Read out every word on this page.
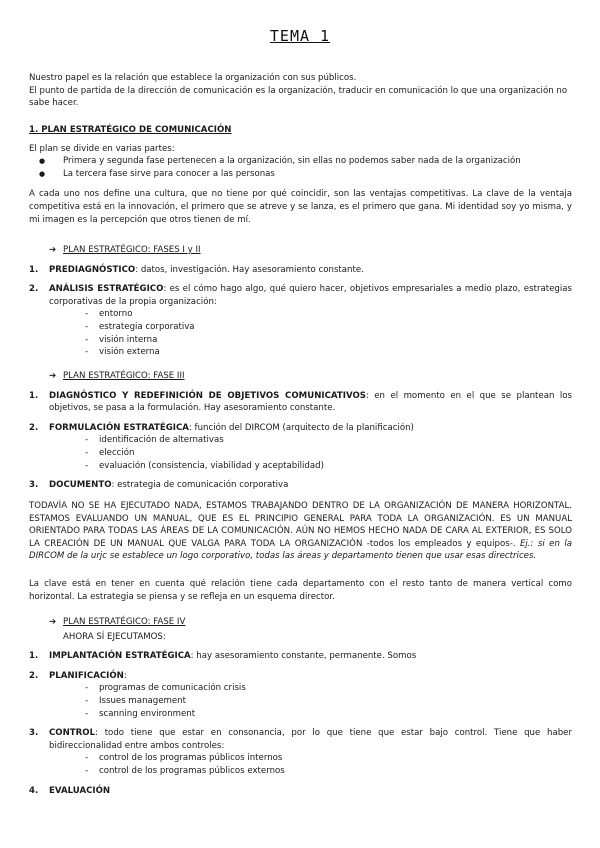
TEMA 1

Nuestro papel es la relación que establece la organización con sus públicos.

El punto de partida de la dirección de comunicación es la organización, traducir en comunicación lo que una organización no sabe hacer.

1. PLAN ESTRATÉGICO DE COMUNICACIÓN

El plan se divide en varias partes:

● Primera y segunda fase pertenecen a la organización, sin ellas no podemos saber nada de la organización
● La tercera fase sirve para conocer a las personas

A cada uno nos define una cultura, que no tiene por qué coincidir, son las ventajas competitivas. La clave de la ventaja competitiva está en la innovación, el primero que se atreve y se lanza, es el primero que gana. Mi identidad soy yo misma, y mi imagen es la percepción que otros tienen de mí.

➔ PLAN ESTRATÉGICO: FASES I y II

1. PREDIAGNÓSTICO: datos, investigación. Hay asesoramiento constante.
2. ANÁLISIS ESTRATÉGICO: es el cómo hago algo, qué quiero hacer, objetivos empresariales a medio plazo, estrategias corporativas de la propia organización:
- entorno
- estrategia corporativa
- visión interna
- visión externa

➔ PLAN ESTRATÉGICO: FASE III

1. DIAGNÓSTICO Y REDEFINICIÓN DE OBJETIVOS COMUNICATIVOS: en el momento en el que se plantean los objetivos, se pasa a la formulación. Hay asesoramiento constante.
2. FORMULACIÓN ESTRATÉGICA: función del DIRCOM (arquitecto de la planificación)
- identificación de alternativas
- elección
- evaluación (consistencia, viabilidad y aceptabilidad)
3. DOCUMENTO: estrategia de comunicación corporativa

TODAVÍA NO SE HA EJECUTADO NADA, ESTAMOS TRABAJANDO DENTRO DE LA ORGANIZACIÓN DE MANERA HORIZONTAL. ESTAMOS EVALUANDO UN MANUAL, QUE ES EL PRINCIPIO GENERAL PARA TODA LA ORGANIZACIÓN. ES UN MANUAL ORIENTADO PARA TODAS LAS ÁREAS DE LA COMUNICACIÓN. AÚN NO HEMOS HECHO NADA DE CARA AL EXTERIOR, ES SOLO LA CREACIÓN DE UN MANUAL QUE VALGA PARA TODA LA ORGANIZACIÓN -todos los empleados y equipos-. Ej.: si en la DIRCOM de la urjc se establece un logo corporativo, todas las áreas y departamento tienen que usar esas directrices.

La clave está en tener en cuenta qué relación tiene cada departamento con el resto tanto de manera vertical como horizontal. La estrategia se piensa y se refleja en un esquema director.

➔ PLAN ESTRATÉGICO: FASE IV

AHORA SÍ EJECUTAMOS:

1. IMPLANTACIÓN ESTRATÉGICA: hay asesoramiento constante, permanente. Somos
2. PLANIFICACIÓN:
- programas de comunicación crisis
- Issues management
- scanning environment
3. CONTROL: todo tiene que estar en consonancia, por lo que tiene que estar bajo control. Tiene que haber bidireccionalidad entre ambos controles:
- control de los programas públicos internos
- control de los programas públicos externos
4. EVALUACIÓN
